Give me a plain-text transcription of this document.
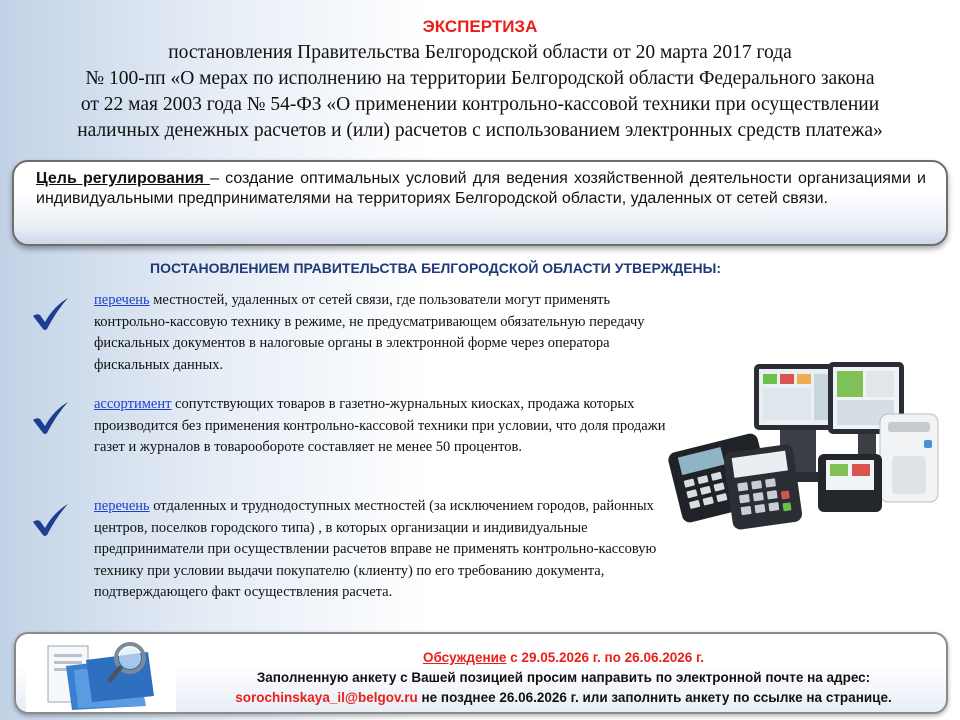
ЭКСПЕРТИЗА
постановления Правительства Белгородской области от 20 марта 2017 года
№ 100-пп «О мерах по исполнению на территории Белгородской области Федерального закона
от 22 мая 2003 года № 54-ФЗ «О применении контрольно-кассовой техники при осуществлении
наличных денежных расчетов и (или) расчетов с использованием электронных средств платежа»
Цель регулирования – создание оптимальных условий для ведения хозяйственной деятельности организациями и индивидуальными предпринимателями на территориях Белгородской области, удаленных от сетей связи.
ПОСТАНОВЛЕНИЕМ ПРАВИТЕЛЬСТВА БЕЛГОРОДСКОЙ ОБЛАСТИ УТВЕРЖДЕНЫ:
перечень местностей, удаленных от сетей связи, где пользователи могут применять контрольно-кассовую технику в режиме, не предусматривающем обязательную передачу фискальных документов в налоговые органы в электронной форме через оператора фискальных данных.
ассортимент сопутствующих товаров в газетно-журнальных киосках, продажа которых производится без применения контрольно-кассовой техники при условии, что доля продажи газет и журналов в товарообороте составляет не менее 50 процентов.
перечень отдаленных и труднодоступных местностей (за исключением городов, районных центров, поселков городского типа) , в которых организации и индивидуальные предприниматели при осуществлении расчетов вправе не применять контрольно-кассовую технику при условии выдачи покупателю (клиенту) по его требованию документа, подтверждающего факт осуществления расчета.
Обсуждение с 29.05.2026 г. по 26.06.2026 г.
Заполненную анкету с Вашей позицией просим направить по электронной почте на адрес:
sorochinskaya_il@belgov.ru не позднее 26.06.2026 г. или заполнить анкету по ссылке на странице.
